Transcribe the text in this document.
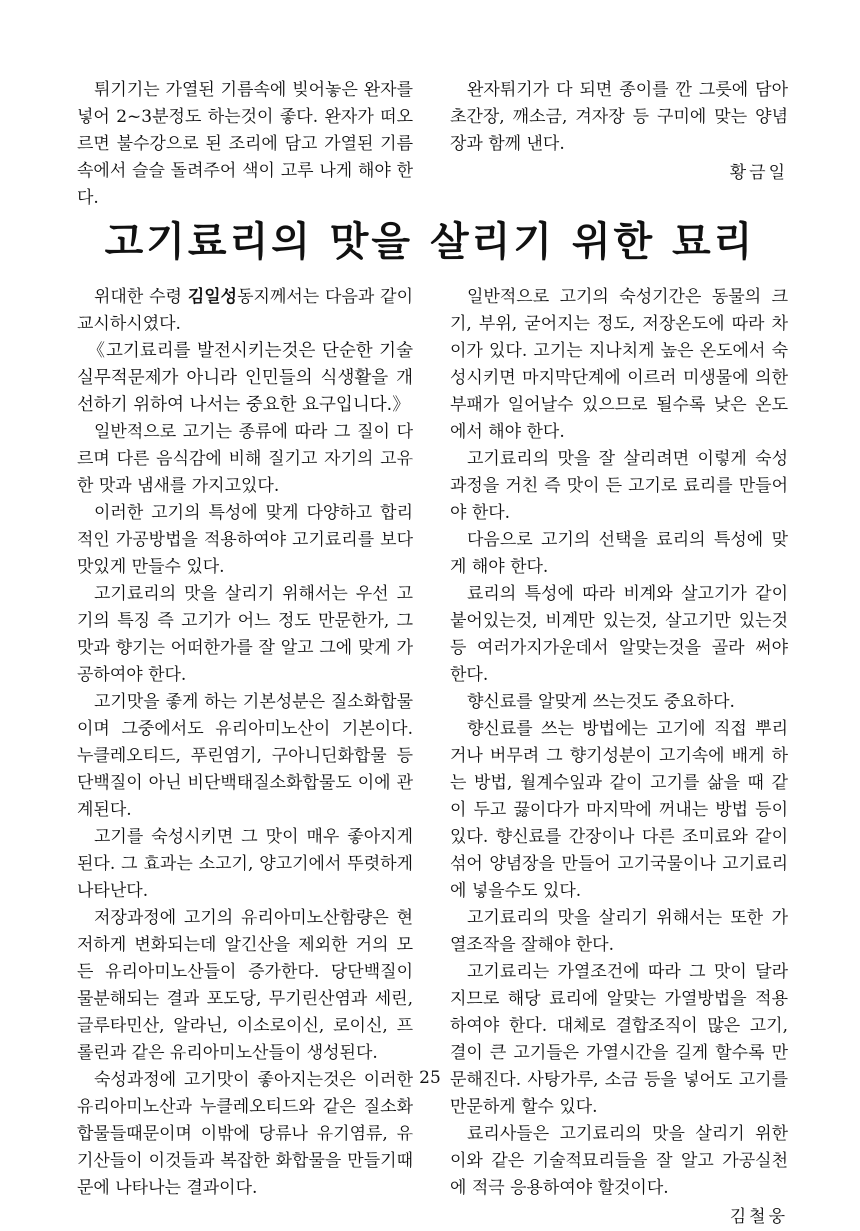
튀기기는 가열된 기름속에 빚어놓은 완자를 넣어 2~3분정도 하는것이 좋다. 완자가 떠오르면 불수강으로 된 조리에 담고 가열된 기름속에서 슬슬 돌려주어 색이 고루 나게 해야 한다.

완자튀기가 다 되면 종이를 깐 그릇에 담아 초간장, 깨소금, 겨자장 등 구미에 맞는 양념장과 함께 낸다.

황금일
고기료리의 맛을 살리기 위한 묘리

위대한 수령 김일성동지께서는 다음과 같이 교시하시였다.

《고기료리를 발전시키는것은 단순한 기술실무적문제가 아니라 인민들의 식생활을 개선하기 위하여 나서는 중요한 요구입니다.》

일반적으로 고기는 종류에 따라 그 질이 다르며 다른 음식감에 비해 질기고 자기의 고유한 맛과 냄새를 가지고있다.

이러한 고기의 특성에 맞게 다양하고 합리적인 가공방법을 적용하여야 고기료리를 보다 맛있게 만들수 있다.

고기료리의 맛을 살리기 위해서는 우선 고기의 특징 즉 고기가 어느 정도 만문한가, 그 맛과 향기는 어떠한가를 잘 알고 그에 맞게 가공하여야 한다.

고기맛을 좋게 하는 기본성분은 질소화합물이며 그중에서도 유리아미노산이 기본이다. 누클레오티드, 푸린염기, 구아니딘화합물 등 단백질이 아닌 비단백태질소화합물도 이에 관계된다.

고기를 숙성시키면 그 맛이 매우 좋아지게 된다. 그 효과는 소고기, 양고기에서 뚜렷하게 나타난다.

저장과정에 고기의 유리아미노산함량은 현저하게 변화되는데 알긴산을 제외한 거의 모든 유리아미노산들이 증가한다. 당단백질이 물분해되는 결과 포도당, 무기린산염과 세린, 글루타민산, 알라닌, 이소로이신, 로이신, 프롤린과 같은 유리아미노산들이 생성된다.

숙성과정에 고기맛이 좋아지는것은 이러한 유리아미노산과 누클레오티드와 같은 질소화합물들때문이며 이밖에 당류나 유기염류, 유기산들이 이것들과 복잡한 화합물을 만들기때문에 나타나는 결과이다.

일반적으로 고기의 숙성기간은 동물의 크기, 부위, 굳어지는 정도, 저장온도에 따라 차이가 있다. 고기는 지나치게 높은 온도에서 숙성시키면 마지막단계에 이르러 미생물에 의한 부패가 일어날수 있으므로 될수록 낮은 온도에서 해야 한다.

고기료리의 맛을 잘 살리려면 이렇게 숙성과정을 거친 즉 맛이 든 고기로 료리를 만들어야 한다.

다음으로 고기의 선택을 료리의 특성에 맞게 해야 한다.

료리의 특성에 따라 비계와 살고기가 같이 붙어있는것, 비계만 있는것, 살고기만 있는것 등 여러가지가운데서 알맞는것을 골라 써야 한다.

향신료를 알맞게 쓰는것도 중요하다.

향신료를 쓰는 방법에는 고기에 직접 뿌리거나 버무려 그 향기성분이 고기속에 배게 하는 방법, 월계수잎과 같이 고기를 삶을 때 같이 두고 끓이다가 마지막에 꺼내는 방법 등이 있다. 향신료를 간장이나 다른 조미료와 같이 섞어 양념장을 만들어 고기국물이나 고기료리에 넣을수도 있다.

고기료리의 맛을 살리기 위해서는 또한 가열조작을 잘해야 한다.

고기료리는 가열조건에 따라 그 맛이 달라지므로 해당 료리에 알맞는 가열방법을 적용하여야 한다. 대체로 결합조직이 많은 고기, 결이 큰 고기들은 가열시간을 길게 할수록 만문해진다. 사탕가루, 소금 등을 넣어도 고기를 만문하게 할수 있다.

료리사들은 고기료리의 맛을 살리기 위한 이와 같은 기술적묘리들을 잘 알고 가공실천에 적극 응용하여야 할것이다.

김철웅
25
